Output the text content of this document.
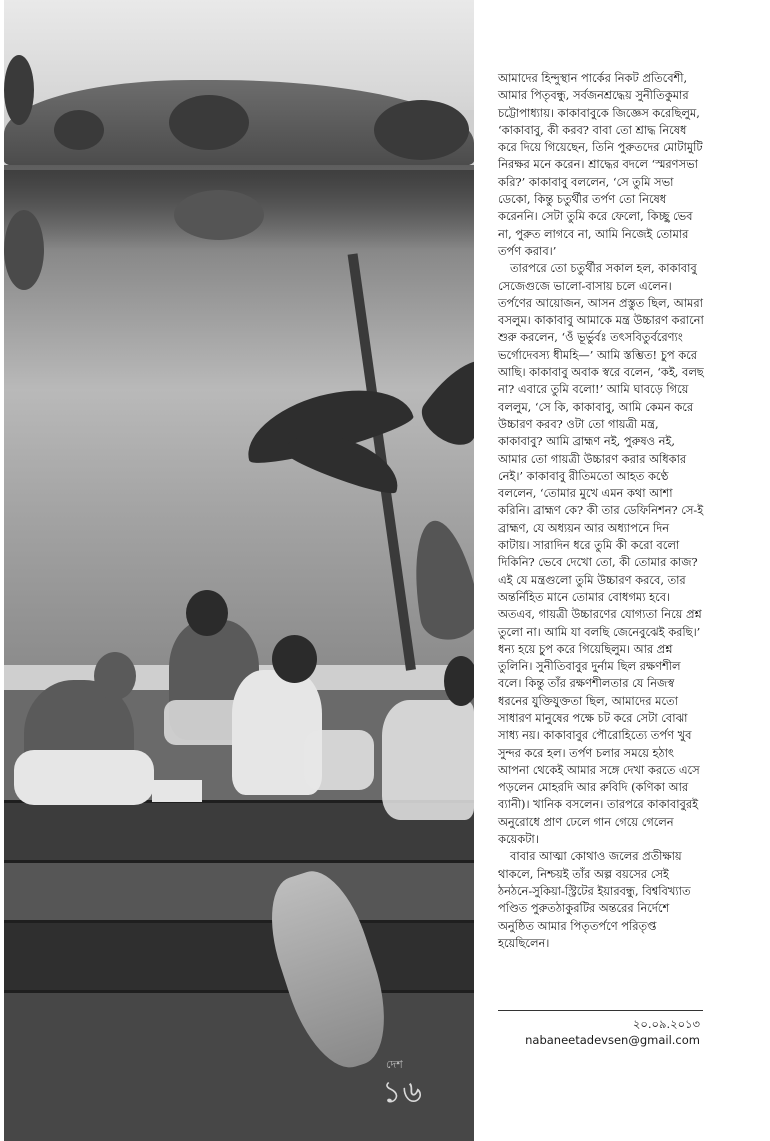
দেশ
১৬

আমাদের হিন্দুস্থান পার্কের নিকট প্রতিবেশী, আমার পিতৃবন্ধু, সর্বজনশ্রদ্ধেয় সুনীতিকুমার চট্টোপাধ্যায়। কাকাবাবুকে জিজ্ঞেস করেছিলুম, ‘কাকাবাবু, কী করব? বাবা তো শ্রাদ্ধ নিষেধ করে দিয়ে গিয়েছেন, তিনি পুরুতদের মোটামুটি নিরক্ষর মনে করেন। শ্রাদ্ধের বদলে ‘স্মরণসভা করি?’ কাকাবাবু বললেন, ‘সে তুমি সভা ডেকো, কিন্তু চতুর্থীর তর্পণ তো নিষেধ করেননি। সেটা তুমি করে ফেলো, কিচ্ছু ভেব না, পুরুত লাগবে না, আমি নিজেই তোমার তর্পণ করাব।’

তারপরে তো চতুর্থীর সকাল হল, কাকাবাবু সেজেগুজে ভালো-বাসায় চলে এলেন। তর্পণের আয়োজন, আসন প্রস্তুত ছিল, আমরা বসলুম। কাকাবাবু আমাকে মন্ত্র উচ্চারণ করানো শুরু করলেন, ‘ওঁ ভূর্ভুর্বঃ তৎসবিতুর্বরেণ্যং ভর্গোদেবস্য ধীমহি—’ আমি স্তম্ভিত! চুপ করে আছি। কাকাবাবু অবাক স্বরে বলেন, ‘কই, বলছ না? এবারে তুমি বলো!’ আমি ঘাবড়ে গিয়ে বললুম, ‘সে কি, কাকাবাবু, আমি কেমন করে উচ্চারণ করব? ওটা তো গায়ত্রী মন্ত্র, কাকাবাবু? আমি ব্রাহ্মণ নই, পুরুষও নই, আমার তো গায়ত্রী উচ্চারণ করার অধিকার নেই।’ কাকাবাবু রীতিমতো আহত কণ্ঠে বললেন, ‘তোমার মুখে এমন কথা আশা করিনি। ব্রাহ্মণ কে? কী তার ডেফিনিশন? সে-ই ব্রাহ্মণ, যে অধ্যয়ন আর অধ্যাপনে দিন কাটায়। সারাদিন ধরে তুমি কী করো বলো দিকিনি? ভেবে দেখো তো, কী তোমার কাজ? এই যে মন্ত্রগুলো তুমি উচ্চারণ করবে, তার অন্তর্নিহিত মানে তোমার বোধগম্য হবে। অতএব, গায়ত্রী উচ্চারণের যোগ্যতা নিয়ে প্রশ্ন তুলো না। আমি যা বলছি জেনেবুঝেই করছি।’ ধন্য হয়ে চুপ করে গিয়েছিলুম। আর প্রশ্ন তুলিনি। সুনীতিবাবুর দুর্নাম ছিল রক্ষণশীল বলে। কিন্তু তাঁর রক্ষণশীলতার যে নিজস্ব ধরনের যুক্তিযুক্ততা ছিল, আমাদের মতো সাধারণ মানুষের পক্ষে চট করে সেটা বোঝা সাধ্য নয়। কাকাবাবুর পৌরোহিত্যে তর্পণ খুব সুন্দর করে হল। তর্পণ চলার সময়ে হঠাৎ আপনা থেকেই আমার সঙ্গে দেখা করতে এসে পড়লেন মোহরদি আর রুবিদি (কণিকা আর ব্যানী)। খানিক বসলেন। তারপরে কাকাবাবুরই অনুরোধে প্রাণ ঢেলে গান গেয়ে গেলেন কয়েকটা।

বাবার আত্মা কোথাও জলের প্রতীক্ষায় থাকলে, নিশ্চয়ই তাঁর অল্প বয়সের সেই ঠনঠনে-সুকিয়া-স্ট্রিটের ইয়ারবন্ধু, বিশ্ববিখ্যাত পণ্ডিত পুরুতঠাকুরটির অন্তরের নির্দেশে অনুষ্ঠিত আমার পিতৃতর্পণে পরিতৃপ্ত হয়েছিলেন।

২০.০৯.২০১৩
nabaneetadevsen@gmail.com
